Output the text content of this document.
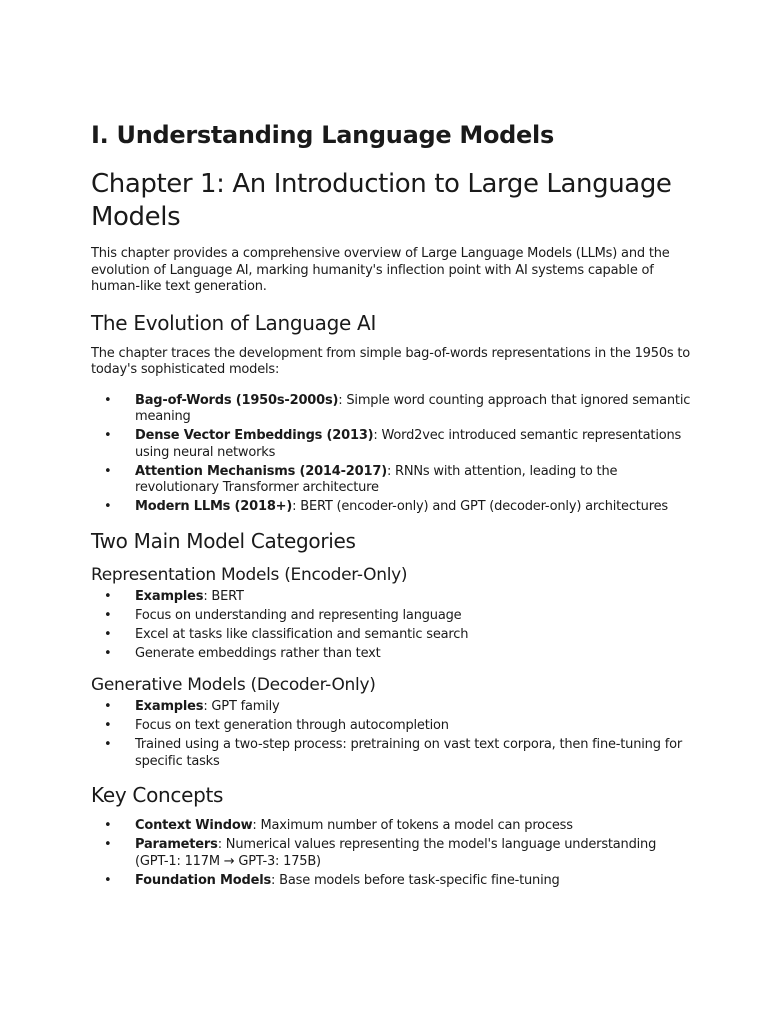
I. Understanding Language Models
Chapter 1: An Introduction to Large Language Models

This chapter provides a comprehensive overview of Large Language Models (LLMs) and the evolution of Language AI, marking humanity's inflection point with AI systems capable of human-like text generation.

The Evolution of Language AI

The chapter traces the development from simple bag-of-words representations in the 1950s to today's sophisticated models:

• Bag-of-Words (1950s-2000s): Simple word counting approach that ignored semantic meaning
• Dense Vector Embeddings (2013): Word2vec introduced semantic representations using neural networks
• Attention Mechanisms (2014-2017): RNNs with attention, leading to the revolutionary Transformer architecture
• Modern LLMs (2018+): BERT (encoder-only) and GPT (decoder-only) architectures
Two Main Model Categories
Representation Models (Encoder-Only)
• Examples: BERT
• Focus on understanding and representing language
• Excel at tasks like classification and semantic search
• Generate embeddings rather than text
Generative Models (Decoder-Only)
• Examples: GPT family
• Focus on text generation through autocompletion
• Trained using a two-step process: pretraining on vast text corpora, then fine-tuning for specific tasks
Key Concepts
• Context Window: Maximum number of tokens a model can process
• Parameters: Numerical values representing the model's language understanding (GPT-1: 117M → GPT-3: 175B)
• Foundation Models: Base models before task-specific fine-tuning
